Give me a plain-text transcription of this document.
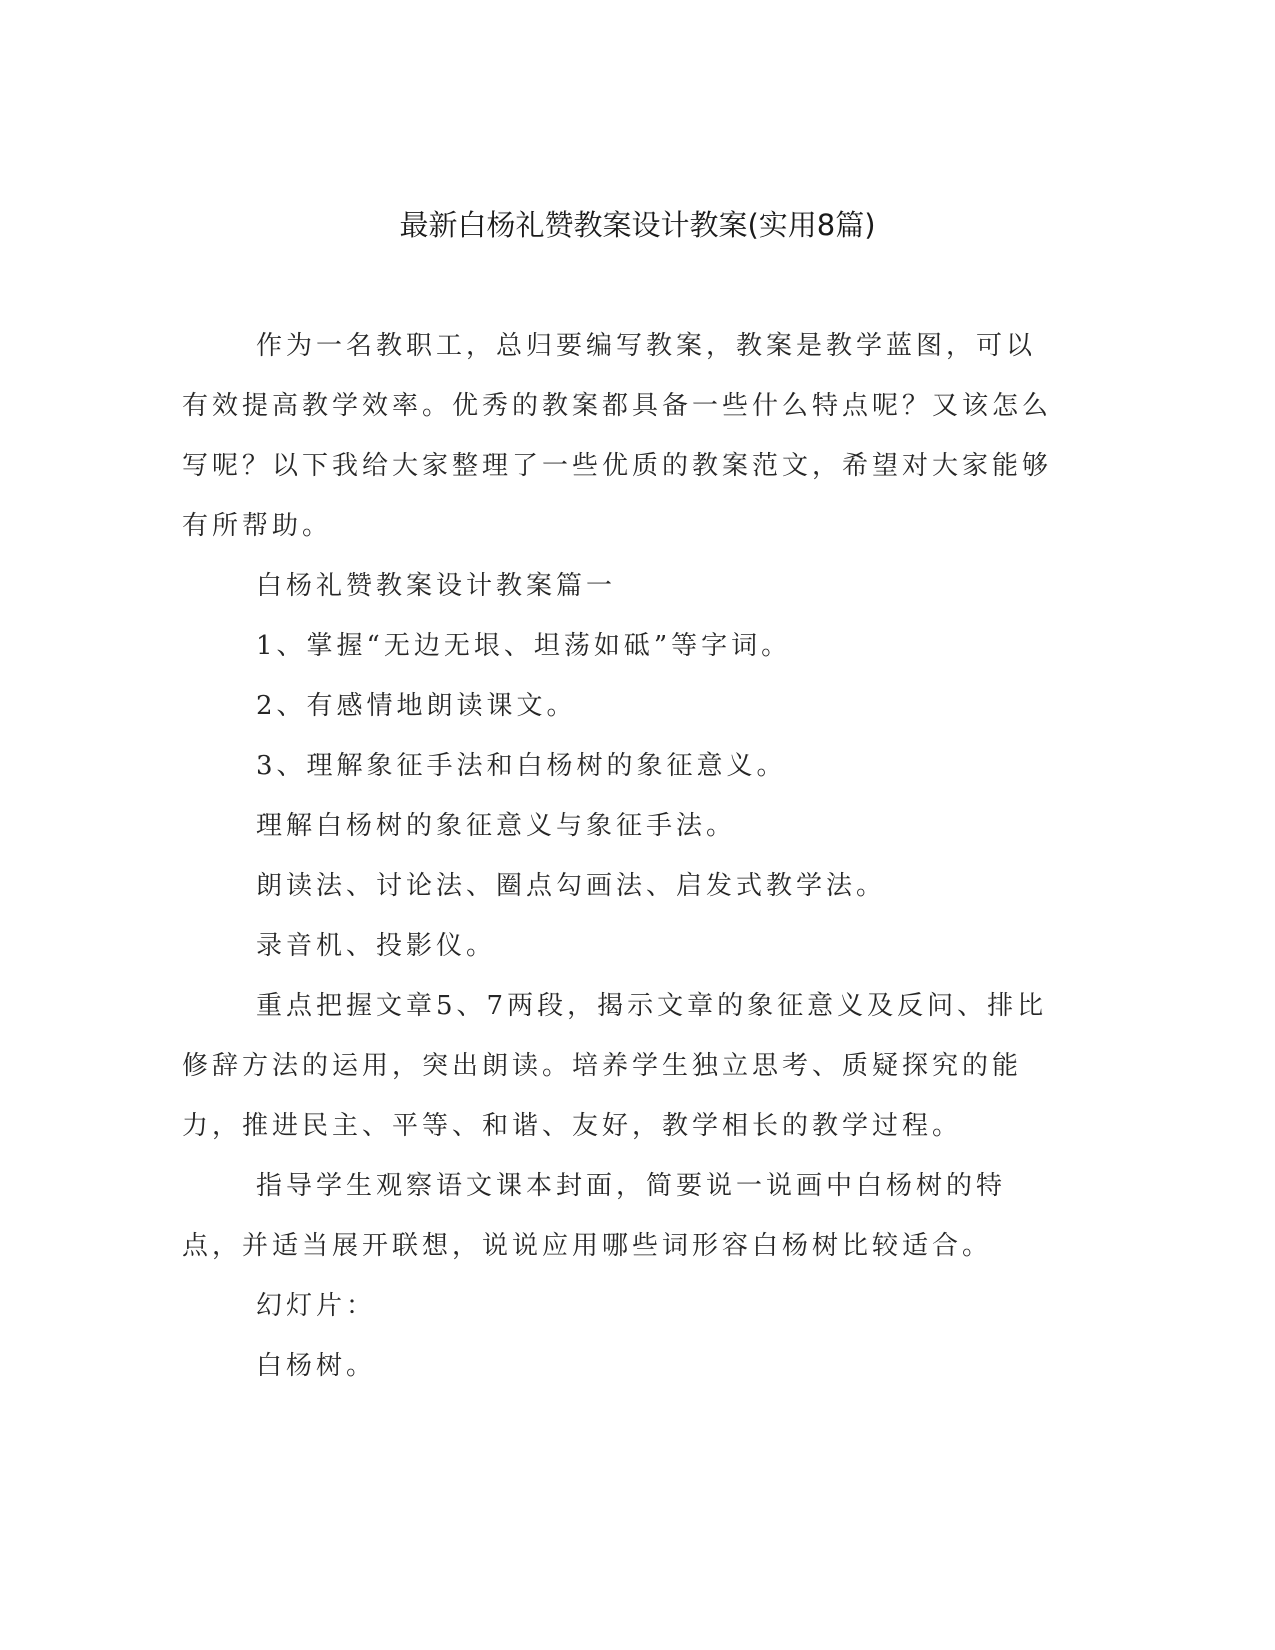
最新白杨礼赞教案设计教案(实用8篇)

作为一名教职工，总归要编写教案，教案是教学蓝图，可以有效提高教学效率。优秀的教案都具备一些什么特点呢？又该怎么写呢？以下我给大家整理了一些优质的教案范文，希望对大家能够有所帮助。

白杨礼赞教案设计教案篇一

1、掌握“无边无垠、坦荡如砥”等字词。

2、有感情地朗读课文。

3、理解象征手法和白杨树的象征意义。

理解白杨树的象征意义与象征手法。

朗读法、讨论法、圈点勾画法、启发式教学法。

录音机、投影仪。

重点把握文章5、7两段，揭示文章的象征意义及反问、排比修辞方法的运用，突出朗读。培养学生独立思考、质疑探究的能力，推进民主、平等、和谐、友好，教学相长的教学过程。

指导学生观察语文课本封面，简要说一说画中白杨树的特点，并适当展开联想，说说应用哪些词形容白杨树比较适合。

幻灯片：

白杨树。
